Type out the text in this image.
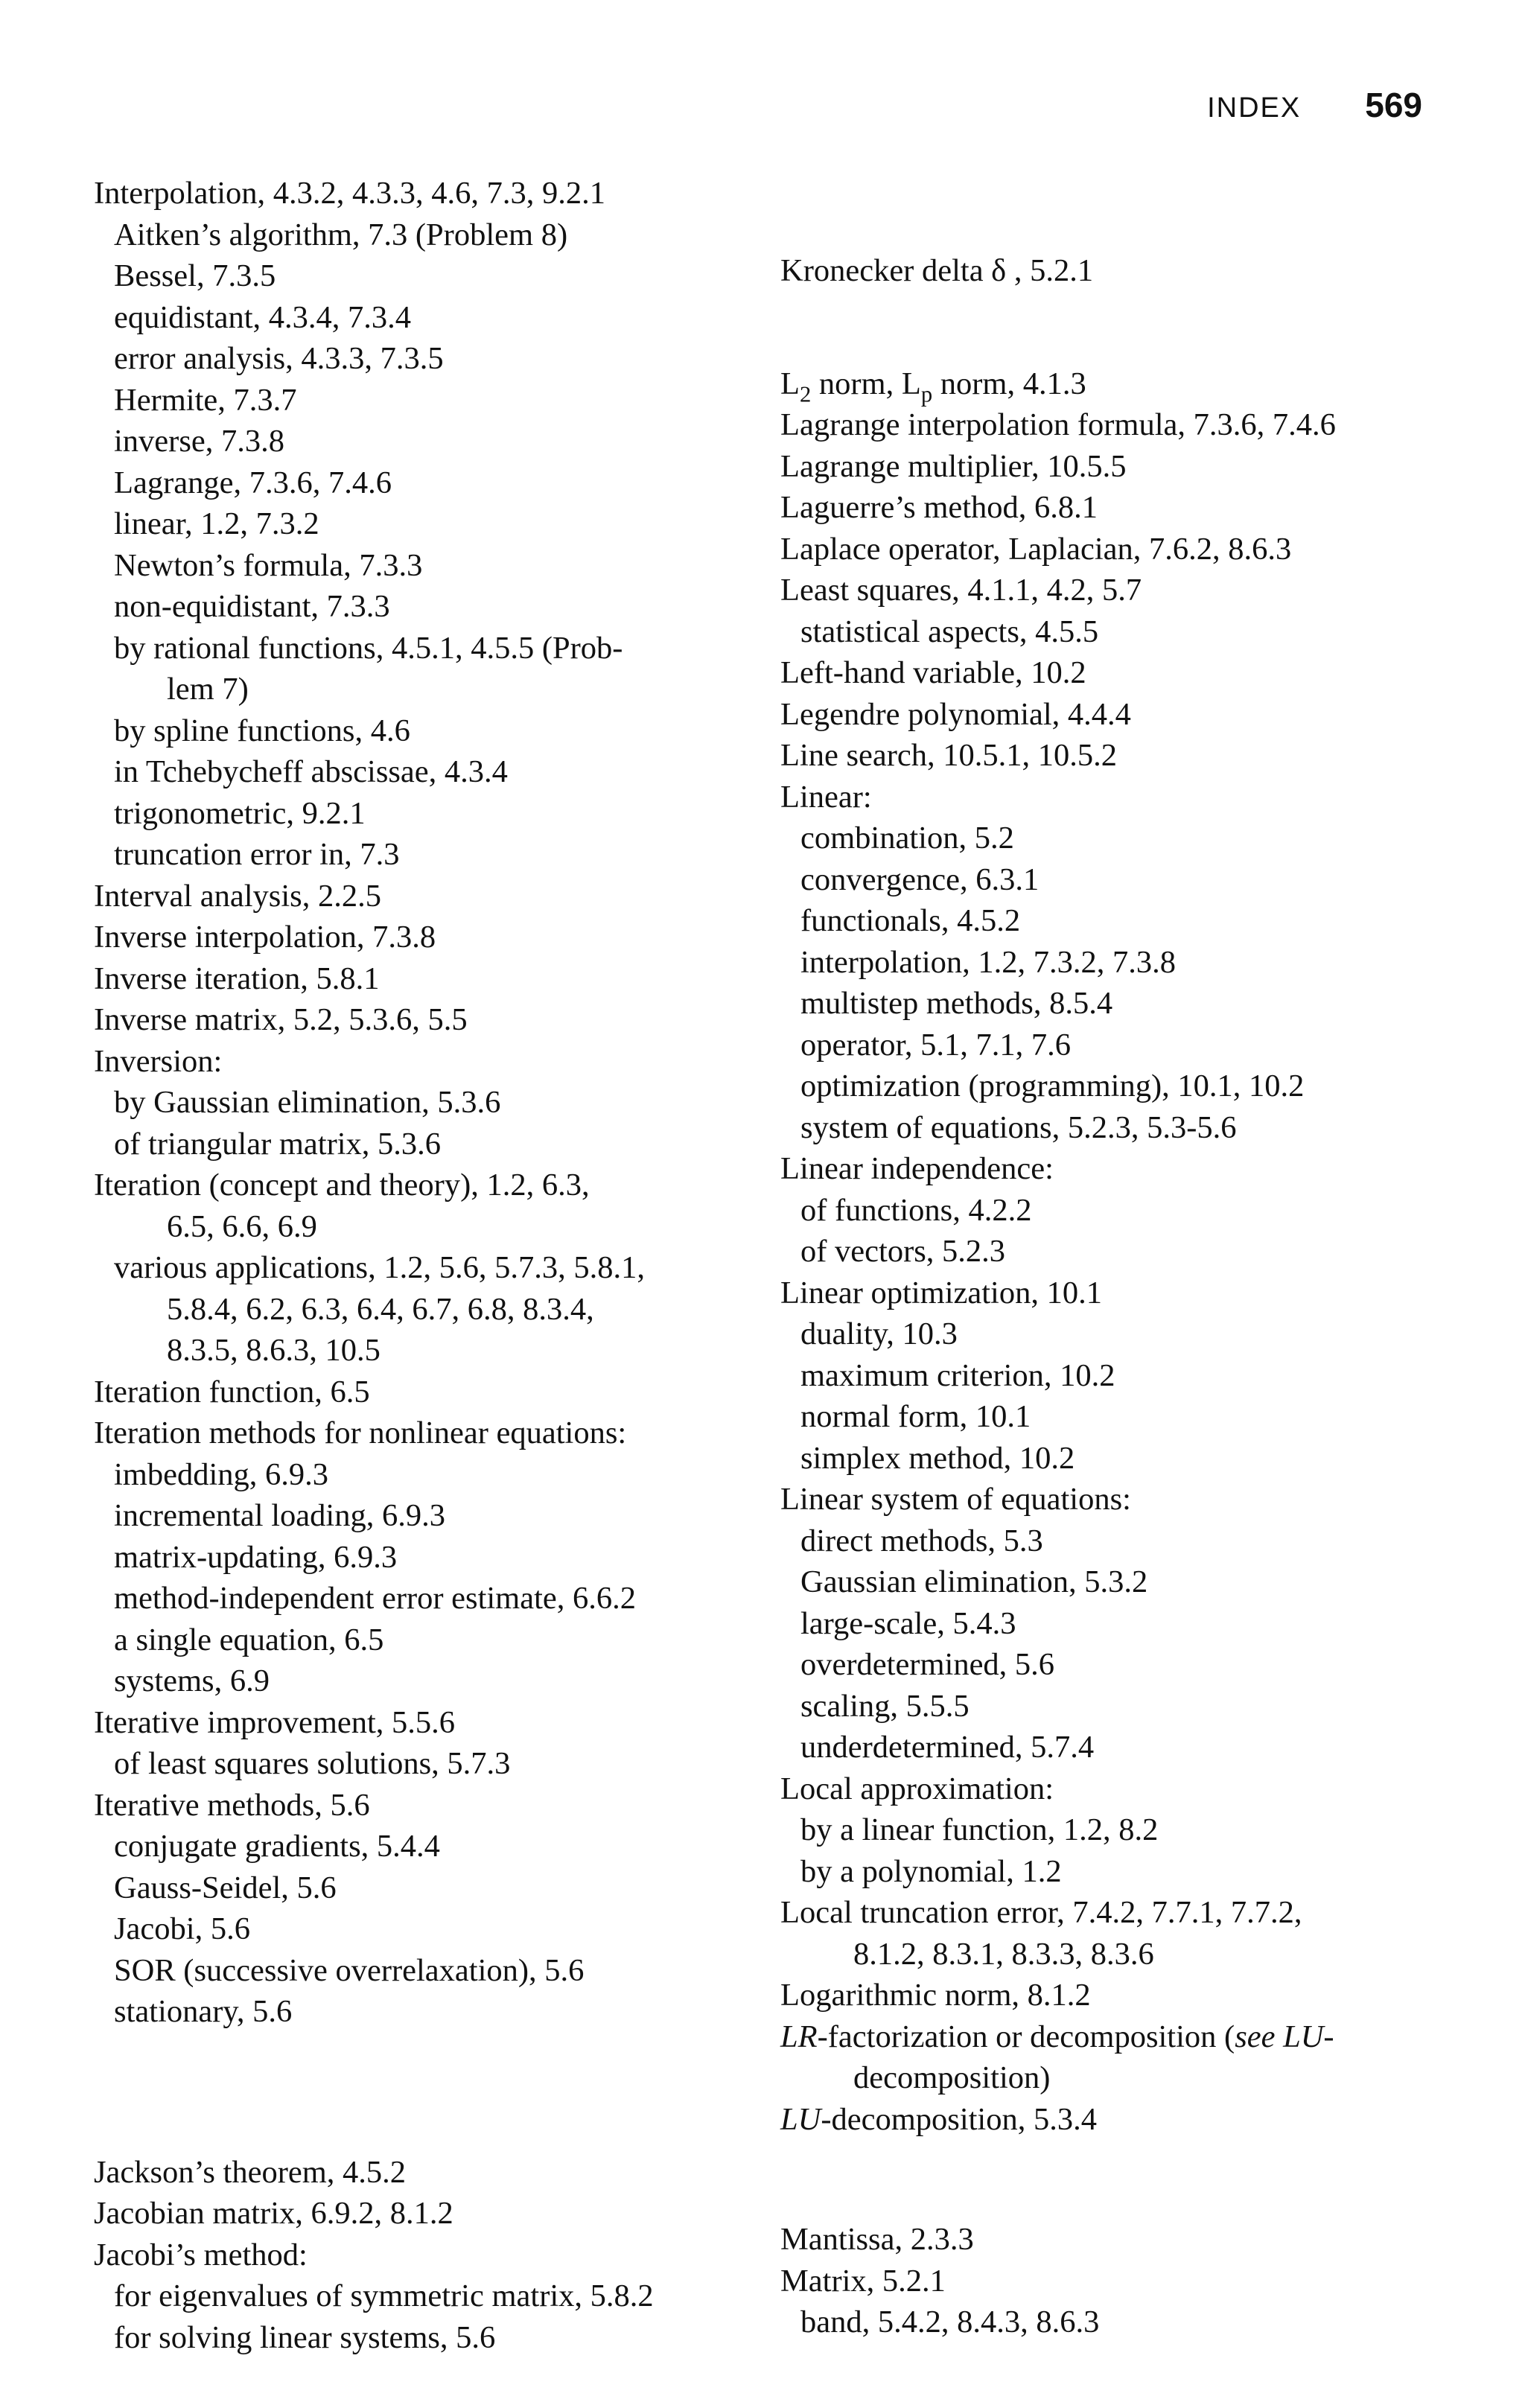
INDEX 569
Interpolation, 4.3.2, 4.3.3, 4.6, 7.3, 9.2.1
Aitken’s algorithm, 7.3 (Problem 8)
Bessel, 7.3.5
equidistant, 4.3.4, 7.3.4
error analysis, 4.3.3, 7.3.5
Hermite, 7.3.7
inverse, 7.3.8
Lagrange, 7.3.6, 7.4.6
linear, 1.2, 7.3.2
Newton’s formula, 7.3.3
non-equidistant, 7.3.3
by rational functions, 4.5.1, 4.5.5 (Prob-
lem 7)
by spline functions, 4.6
in Tchebycheff abscissae, 4.3.4
trigonometric, 9.2.1
truncation error in, 7.3
Interval analysis, 2.2.5
Inverse interpolation, 7.3.8
Inverse iteration, 5.8.1
Inverse matrix, 5.2, 5.3.6, 5.5
Inversion:
by Gaussian elimination, 5.3.6
of triangular matrix, 5.3.6
Iteration (concept and theory), 1.2, 6.3,
6.5, 6.6, 6.9
various applications, 1.2, 5.6, 5.7.3, 5.8.1,
5.8.4, 6.2, 6.3, 6.4, 6.7, 6.8, 8.3.4,
8.3.5, 8.6.3, 10.5
Iteration function, 6.5
Iteration methods for nonlinear equations:
imbedding, 6.9.3
incremental loading, 6.9.3
matrix-updating, 6.9.3
method-independent error estimate, 6.6.2
a single equation, 6.5
systems, 6.9
Iterative improvement, 5.5.6
of least squares solutions, 5.7.3
Iterative methods, 5.6
conjugate gradients, 5.4.4
Gauss-Seidel, 5.6
Jacobi, 5.6
SOR (successive overrelaxation), 5.6
stationary, 5.6
Jackson’s theorem, 4.5.2
Jacobian matrix, 6.9.2, 8.1.2
Jacobi’s method:
for eigenvalues of symmetric matrix, 5.8.2
for solving linear systems, 5.6
Kronecker delta δ , 5.2.1
$L_2$ norm, $L_p$ norm, 4.1.3
Lagrange interpolation formula, 7.3.6, 7.4.6
Lagrange multiplier, 10.5.5
Laguerre’s method, 6.8.1
Laplace operator, Laplacian, 7.6.2, 8.6.3
Least squares, 4.1.1, 4.2, 5.7
statistical aspects, 4.5.5
Left-hand variable, 10.2
Legendre polynomial, 4.4.4
Line search, 10.5.1, 10.5.2
Linear:
combination, 5.2
convergence, 6.3.1
functionals, 4.5.2
interpolation, 1.2, 7.3.2, 7.3.8
multistep methods, 8.5.4
operator, 5.1, 7.1, 7.6
optimization (programming), 10.1, 10.2
system of equations, 5.2.3, 5.3-5.6
Linear independence:
of functions, 4.2.2
of vectors, 5.2.3
Linear optimization, 10.1
duality, 10.3
maximum criterion, 10.2
normal form, 10.1
simplex method, 10.2
Linear system of equations:
direct methods, 5.3
Gaussian elimination, 5.3.2
large-scale, 5.4.3
overdetermined, 5.6
scaling, 5.5.5
underdetermined, 5.7.4
Local approximation:
by a linear function, 1.2, 8.2
by a polynomial, 1.2
Local truncation error, 7.4.2, 7.7.1, 7.7.2,
8.1.2, 8.3.1, 8.3.3, 8.3.6
Logarithmic norm, 8.1.2
LR-factorization or decomposition (see LU-
decomposition)
LU-decomposition, 5.3.4
Mantissa, 2.3.3
Matrix, 5.2.1
band, 5.4.2, 8.4.3, 8.6.3
